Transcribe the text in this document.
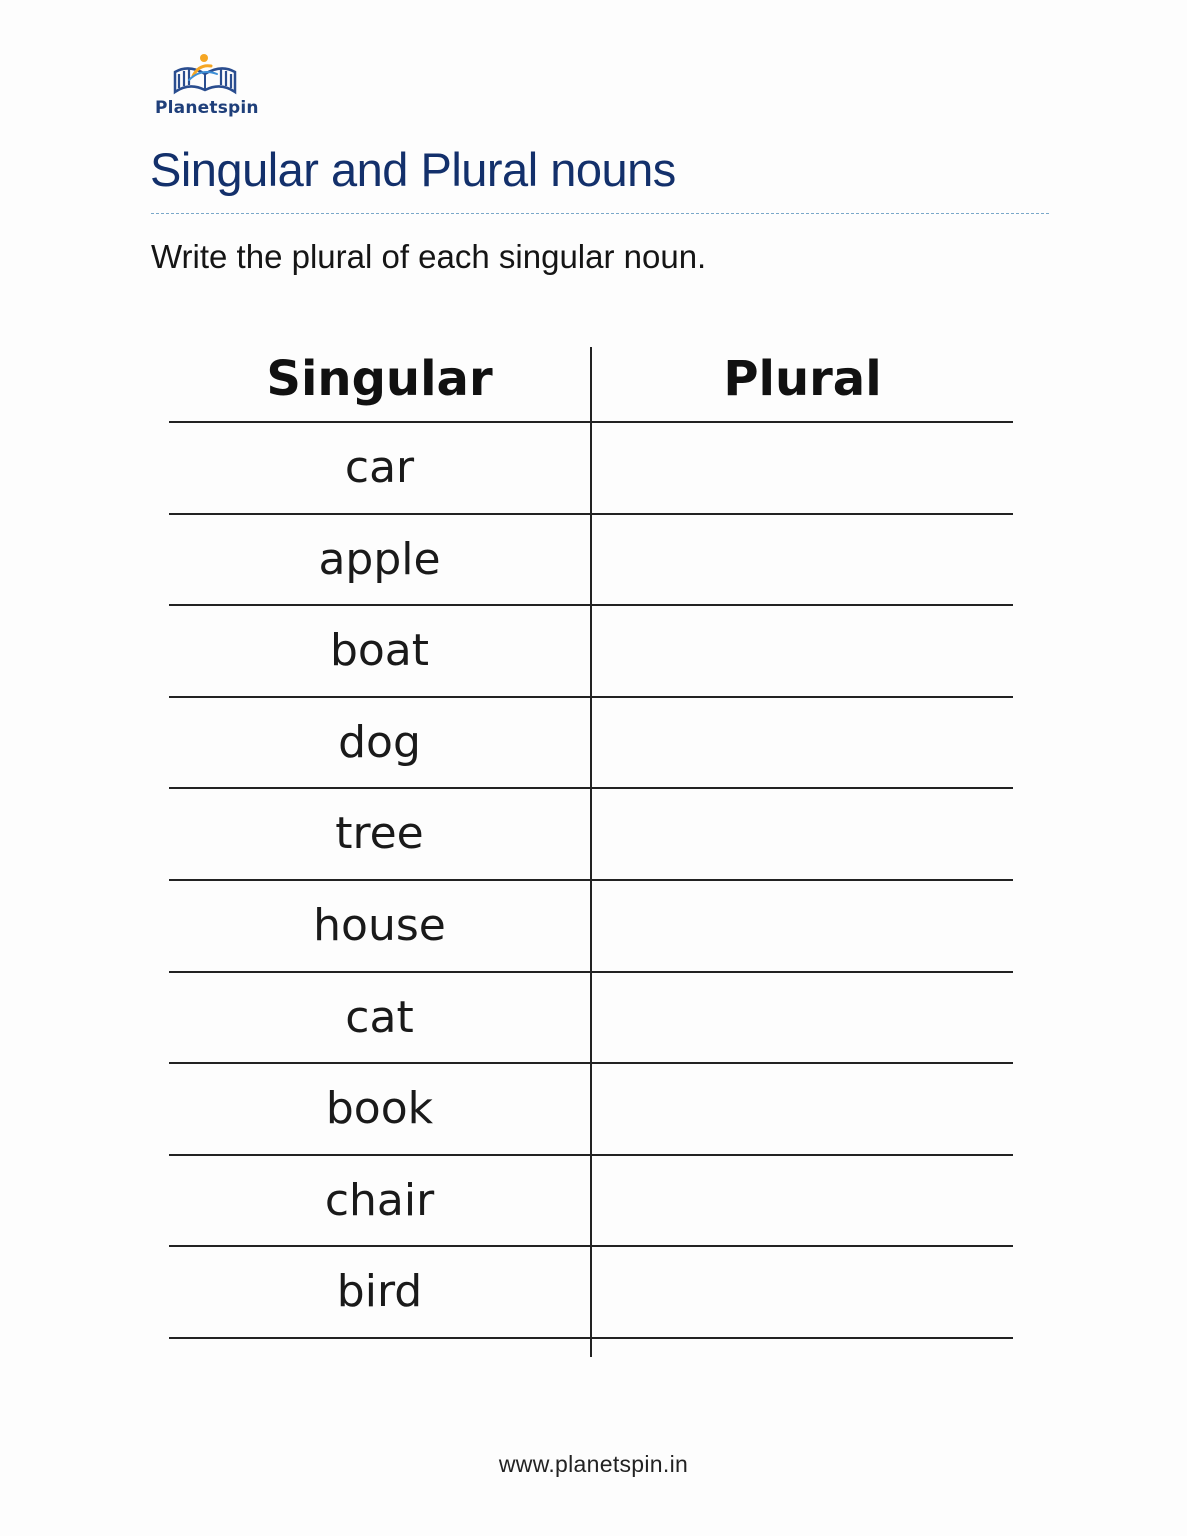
Planetspin
Singular and Plural nouns

Write the plural of each singular noun.

Singular	Plural
car
apple
boat
dog
tree
house
cat
book
chair
bird
www.planetspin.in
